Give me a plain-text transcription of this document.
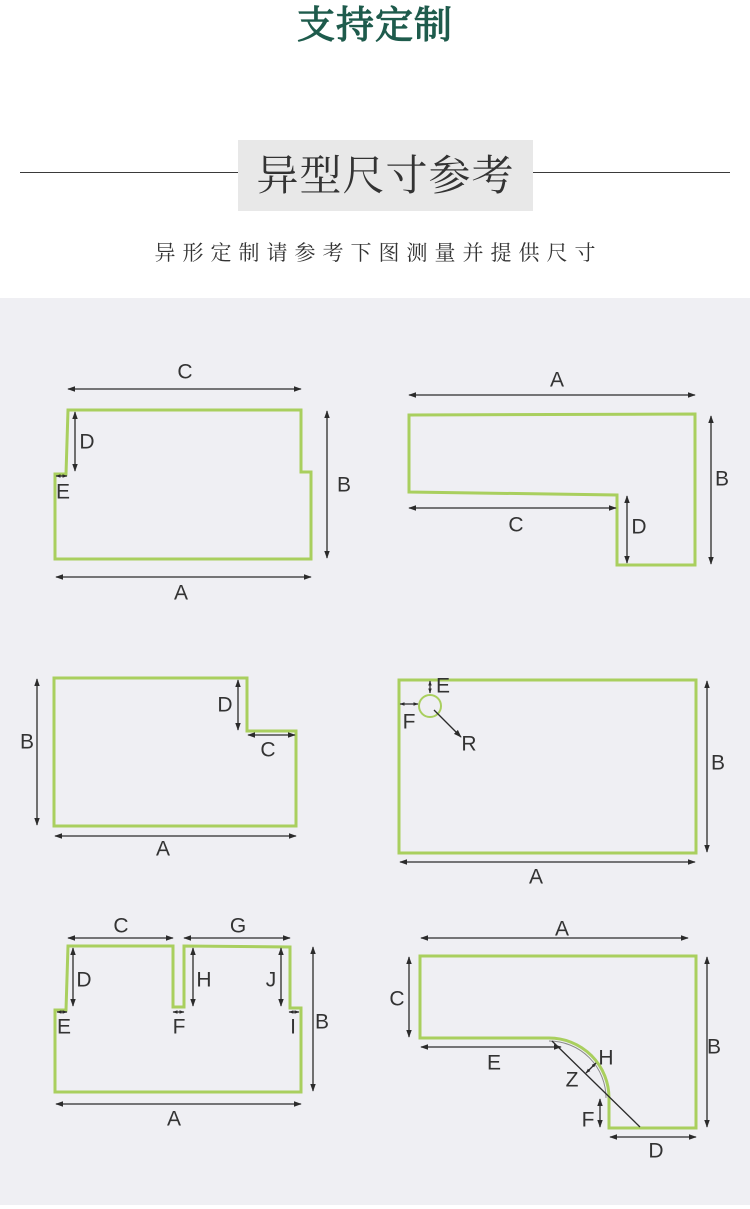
支持定制
异型尺寸参考
异形定制请参考下图测量并提供尺寸
C
D
E	B
A
A
B
C	D
D
C
B
A
E
F
R
B
A
C	G
D	H	J
E	F	I B
A
A
C
E	H
Z
F
B
D
